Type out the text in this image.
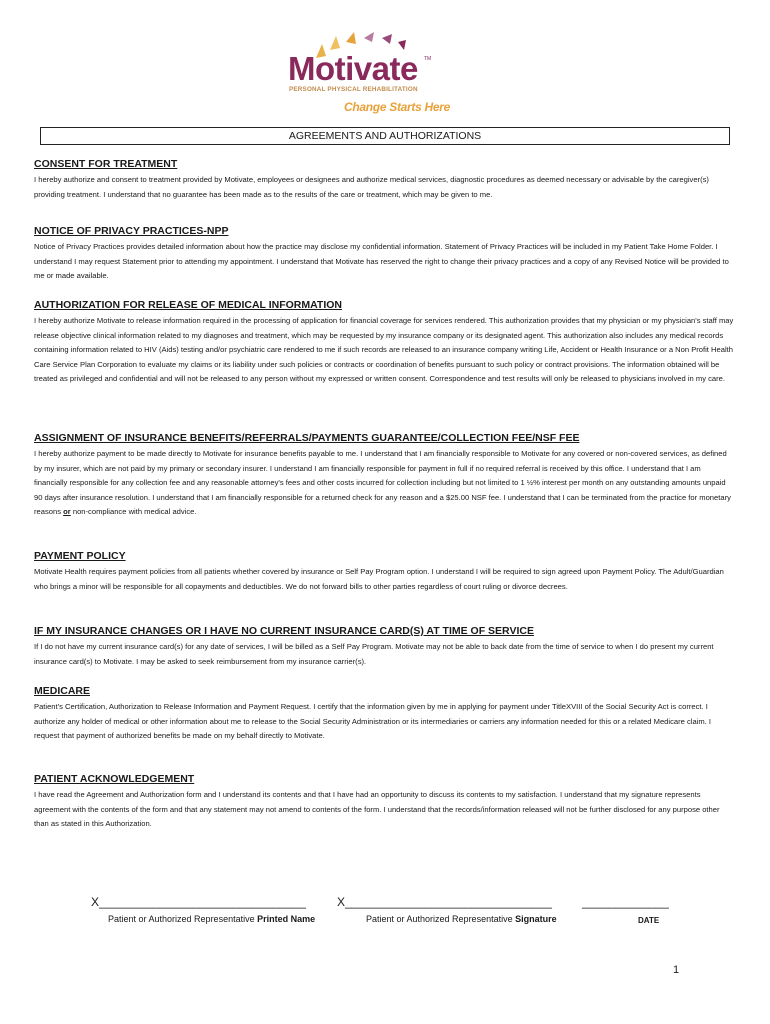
Motivate TM
PERSONAL PHYSICAL REHABILITATION
Change Starts Here
AGREEMENTS AND AUTHORIZATIONS

CONSENT FOR TREATMENT

I hereby authorize and consent to treatment provided by Motivate, employees or designees and authorize medical services, diagnostic procedures as deemed necessary or advisable by the caregiver(s) providing treatment. I understand that no guarantee has been made as to the results of the care or treatment, which may be given to me.

NOTICE OF PRIVACY PRACTICES-NPP

Notice of Privacy Practices provides detailed information about how the practice may disclose my confidential information. Statement of Privacy Practices will be included in my Patient Take Home Folder. I understand I may request Statement prior to attending my appointment. I understand that Motivate has reserved the right to change their privacy practices and a copy of any Revised Notice will be provided to me or made available.

AUTHORIZATION FOR RELEASE OF MEDICAL INFORMATION

I hereby authorize Motivate to release information required in the processing of application for financial coverage for services rendered. This authorization provides that my physician or my physician's staff may release objective clinical information related to my diagnoses and treatment, which may be requested by my insurance company or its designated agent. This authorization also includes any medical records containing information related to HIV (Aids) testing and/or psychiatric care rendered to me if such records are released to an insurance company writing Life, Accident or Health Insurance or a Non Profit Health Care Service Plan Corporation to evaluate my claims or its liability under such policies or contracts or coordination of benefits pursuant to such policy or contract provisions. The information obtained will be treated as privileged and confidential and will not be released to any person without my expressed or written consent. Correspondence and test results will only be released to physicians involved in my care.

ASSIGNMENT OF INSURANCE BENEFITS/REFERRALS/PAYMENTS GUARANTEE/COLLECTION FEE/NSF FEE

I hereby authorize payment to be made directly to Motivate for insurance benefits payable to me. I understand that I am financially responsible to Motivate for any covered or non-covered services, as defined by my insurer, which are not paid by my primary or secondary insurer. I understand I am financially responsible for payment in full if no required referral is received by this office. I understand that I am financially responsible for any collection fee and any reasonable attorney's fees and other costs incurred for collection including but not limited to 1 ½% interest per month on any outstanding amounts unpaid 90 days after insurance resolution. I understand that I am financially responsible for a returned check for any reason and a $25.00 NSF fee. I understand that I can be terminated from the practice for monetary reasons or non-compliance with medical advice.

PAYMENT POLICY

Motivate Health requires payment policies from all patients whether covered by insurance or Self Pay Program option. I understand I will be required to sign agreed upon Payment Policy. The Adult/Guardian who brings a minor will be responsible for all copayments and deductibles. We do not forward bills to other parties regardless of court ruling or divorce decrees.

IF MY INSURANCE CHANGES OR I HAVE NO CURRENT INSURANCE CARD(S) AT TIME OF SERVICE

If I do not have my current insurance card(s) for any date of services, I will be billed as a Self Pay Program. Motivate may not be able to back date from the time of service to when I do present my current insurance card(s) to Motivate. I may be asked to seek reimbursement from my insurance carrier(s).

MEDICARE

Patient's Certification, Authorization to Release Information and Payment Request. I certify that the information given by me in applying for payment under TitleXVIII of the Social Security Act is correct. I authorize any holder of medical or other information about me to release to the Social Security Administration or its intermediaries or carriers any information needed for this or a related Medicare claim. I request that payment of authorized benefits be made on my behalf directly to Motivate.

PATIENT ACKNOWLEDGEMENT

I have read the Agreement and Authorization form and I understand its contents and that I have had an opportunity to discuss its contents to my satisfaction. I understand that my signature represents agreement with the contents of the form and that any statement may not amend to contents of the form. I understand that the records/information released will not be further disclosed for any purpose other than as stated in this Authorization.

X_______________________________	X_______________________________	_____________
Patient or Authorized Representative Printed Name	Patient or Authorized Representative Signature	DATE
1
